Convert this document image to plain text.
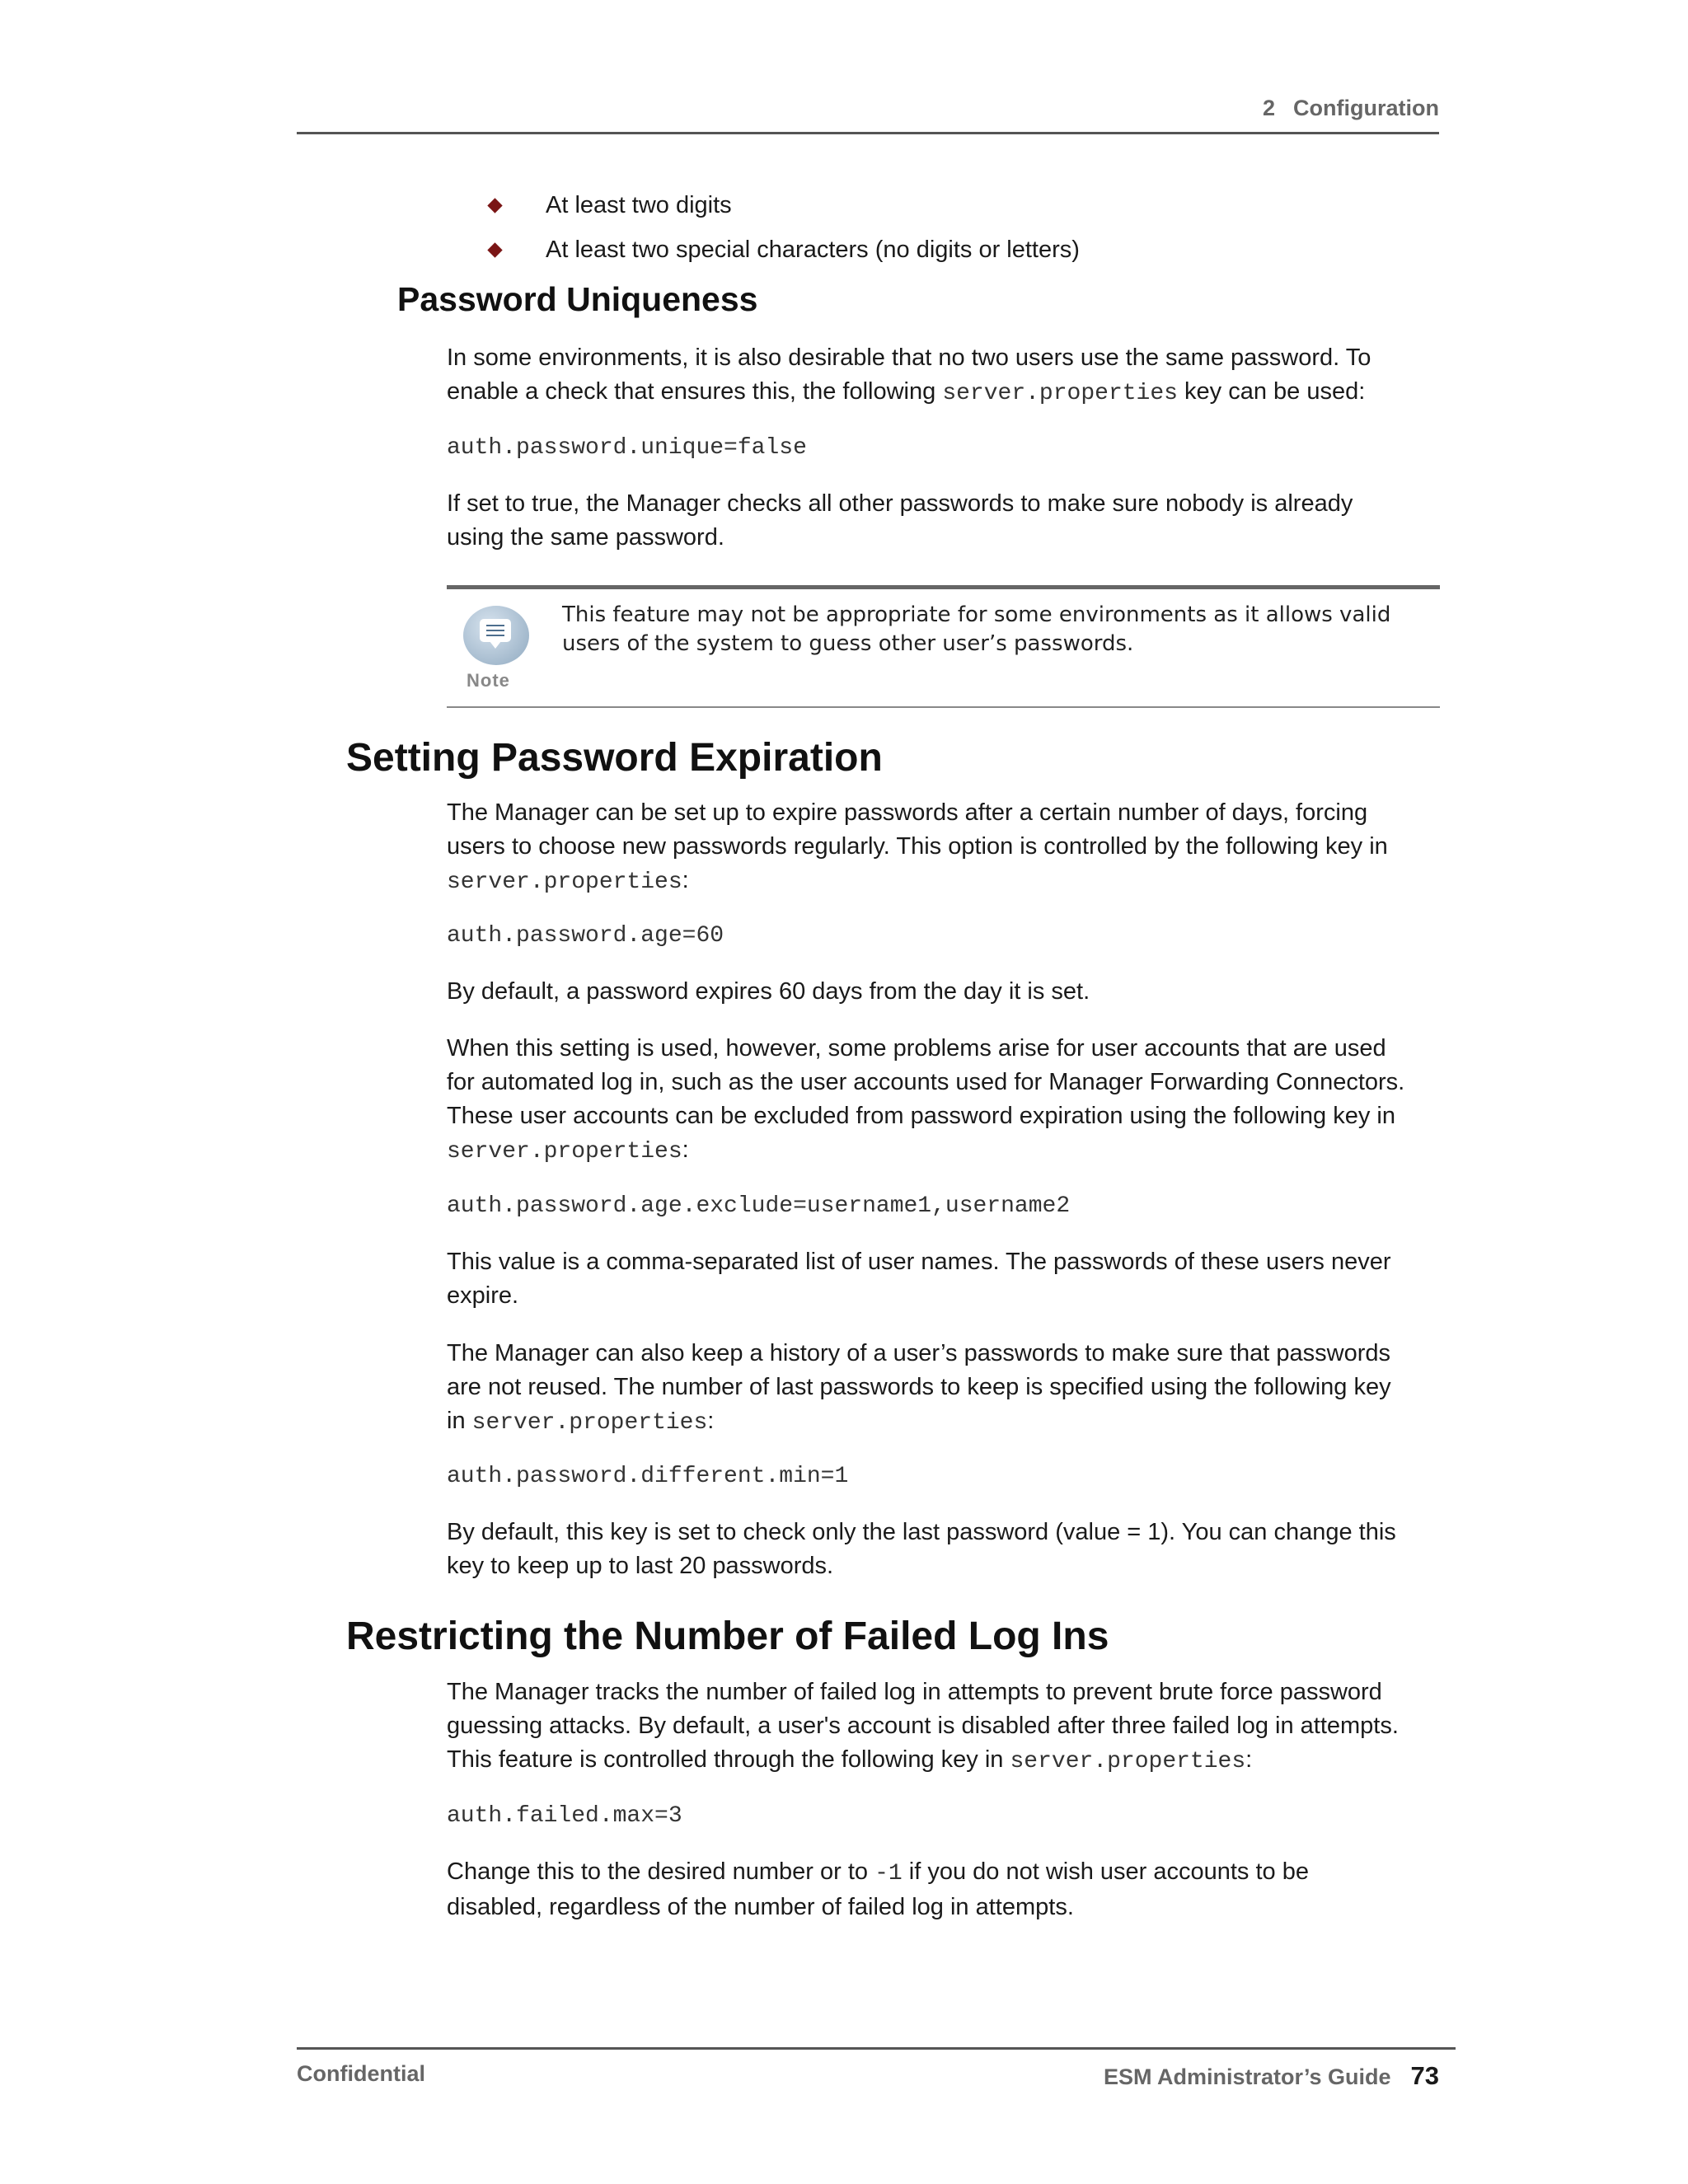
2 Configuration
At least two digits
At least two special characters (no digits or letters)
Password Uniqueness
In some environments, it is also desirable that no two users use the same password. To
enable a check that ensures this, the following server.properties key can be used:
auth.password.unique=false
If set to true, the Manager checks all other passwords to make sure nobody is already
using the same password.
Note
This feature may not be appropriate for some environments as it allows valid
users of the system to guess other user’s passwords.
Setting Password Expiration
The Manager can be set up to expire passwords after a certain number of days, forcing
users to choose new passwords regularly. This option is controlled by the following key in
server.properties:
auth.password.age=60
By default, a password expires 60 days from the day it is set.
When this setting is used, however, some problems arise for user accounts that are used
for automated log in, such as the user accounts used for Manager Forwarding Connectors.
These user accounts can be excluded from password expiration using the following key in
server.properties:
auth.password.age.exclude=username1,username2
This value is a comma-separated list of user names. The passwords of these users never
expire.
The Manager can also keep a history of a user’s passwords to make sure that passwords
are not reused. The number of last passwords to keep is specified using the following key
in server.properties:
auth.password.different.min=1
By default, this key is set to check only the last password (value = 1). You can change this
key to keep up to last 20 passwords.
Restricting the Number of Failed Log Ins
The Manager tracks the number of failed log in attempts to prevent brute force password
guessing attacks. By default, a user's account is disabled after three failed log in attempts.
This feature is controlled through the following key in server.properties:
auth.failed.max=3
Change this to the desired number or to -1 if you do not wish user accounts to be
disabled, regardless of the number of failed log in attempts.
Confidential	ESM Administrator’s Guide 73
